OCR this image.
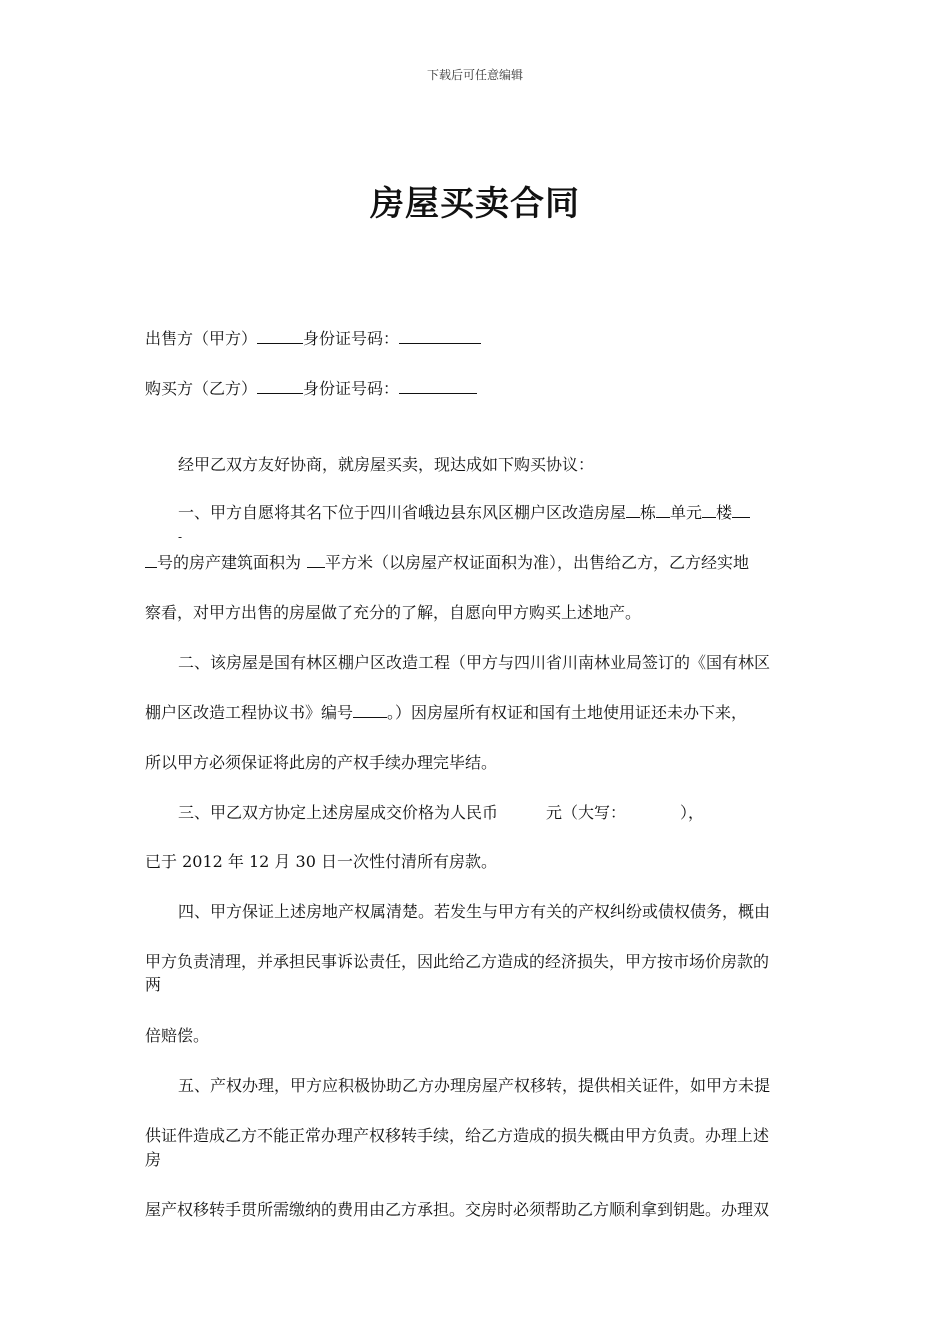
下载后可任意编辑
房屋买卖合同
出售方（甲方）	身份证号码：
购买方（乙方）	身份证号码：
经甲乙双方友好协商，就房屋买卖，现达成如下购买协议：
一、甲方自愿将其名下位于四川省峨边县东风区棚户区改造房屋 栋 单元 楼
-
号的房产建筑面积为 平方米（以房屋产权证面积为准），出售给乙方，乙方经实地
察看，对甲方出售的房屋做了充分的了解，自愿向甲方购买上述地产。
二、该房屋是国有林区棚户区改造工程（甲方与四川省川南林业局签订的《国有林区
棚户区改造工程协议书》编号 。）因房屋所有权证和国有土地使用证还未办下来，
所以甲方必须保证将此房的产权手续办理完毕结。
三、甲乙双方协定上述房屋成交价格为人民币	元（大写：	），
已于 2012 年 12 月 30 日一次性付清所有房款。
四、甲方保证上述房地产权属清楚。若发生与甲方有关的产权纠纷或债权债务，概由
甲方负责清理，并承担民事诉讼责任，因此给乙方造成的经济损失，甲方按市场价房款的
两
倍赔偿。
五、产权办理，甲方应积极协助乙方办理房屋产权移转，提供相关证件，如甲方未提
供证件造成乙方不能正常办理产权移转手续，给乙方造成的损失概由甲方负责。办理上述
房
屋产权移转手贯所需缴纳的费用由乙方承担。交房时必须帮助乙方顺利拿到钥匙。办理双
